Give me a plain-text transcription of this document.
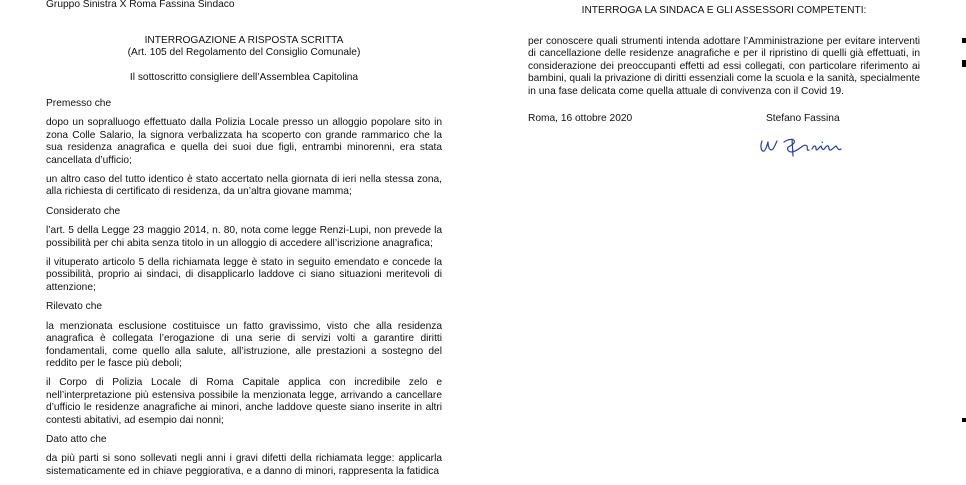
Gruppo Sinistra X Roma Fassina Sindaco
INTERROGAZIONE A RISPOSTA SCRITTA
(Art. 105 del Regolamento del Consiglio Comunale)
Il sottoscritto consigliere dell’Assemblea Capitolina
Premesso che
dopo un sopralluogo effettuato dalla Polizia Locale presso un alloggio popolare sito in zona Colle Salario, la signora verbalizzata ha scoperto con grande rammarico che la sua residenza anagrafica e quella dei suoi due figli, entrambi minorenni, era stata cancellata d’ufficio;
un altro caso del tutto identico è stato accertato nella giornata di ieri nella stessa zona, alla richiesta di certificato di residenza, da un’altra giovane mamma;
Considerato che
l’art. 5 della Legge 23 maggio 2014, n. 80, nota come legge Renzi-Lupi, non prevede la possibilità per chi abita senza titolo in un alloggio di accedere all’iscrizione anagrafica;
il vituperato articolo 5 della richiamata legge è stato in seguito emendato e concede la possibilità, proprio ai sindaci, di disapplicarlo laddove ci siano situazioni meritevoli di attenzione;
Rilevato che
la menzionata esclusione costituisce un fatto gravissimo, visto che alla residenza anagrafica è collegata l’erogazione di una serie di servizi volti a garantire diritti fondamentali, come quello alla salute, all’istruzione, alle prestazioni a sostegno del reddito per le fasce più deboli;
il Corpo di Polizia Locale di Roma Capitale applica con incredibile zelo e nell’interpretazione più estensiva possibile la menzionata legge, arrivando a cancellare d’ufficio le residenze anagrafiche ai minori, anche laddove queste siano inserite in altri contesti abitativi, ad esempio dai nonni;
Dato atto che
da più parti si sono sollevati negli anni i gravi difetti della richiamata legge: applicarla sistematicamente ed in chiave peggiorativa, e a danno di minori, rappresenta la fatidica
INTERROGA LA SINDACA E GLI ASSESSORI COMPETENTI:
per conoscere quali strumenti intenda adottare l’Amministrazione per evitare interventi di cancellazione delle residenze anagrafiche e per il ripristino di quelli già effettuati, in considerazione dei preoccupanti effetti ad essi collegati, con particolare riferimento ai bambini, quali la privazione di diritti essenziali come la scuola e la sanità, specialmente in una fase delicata come quella attuale di convivenza con il Covid 19.
Roma, 16 ottobre 2020	Stefano Fassina
